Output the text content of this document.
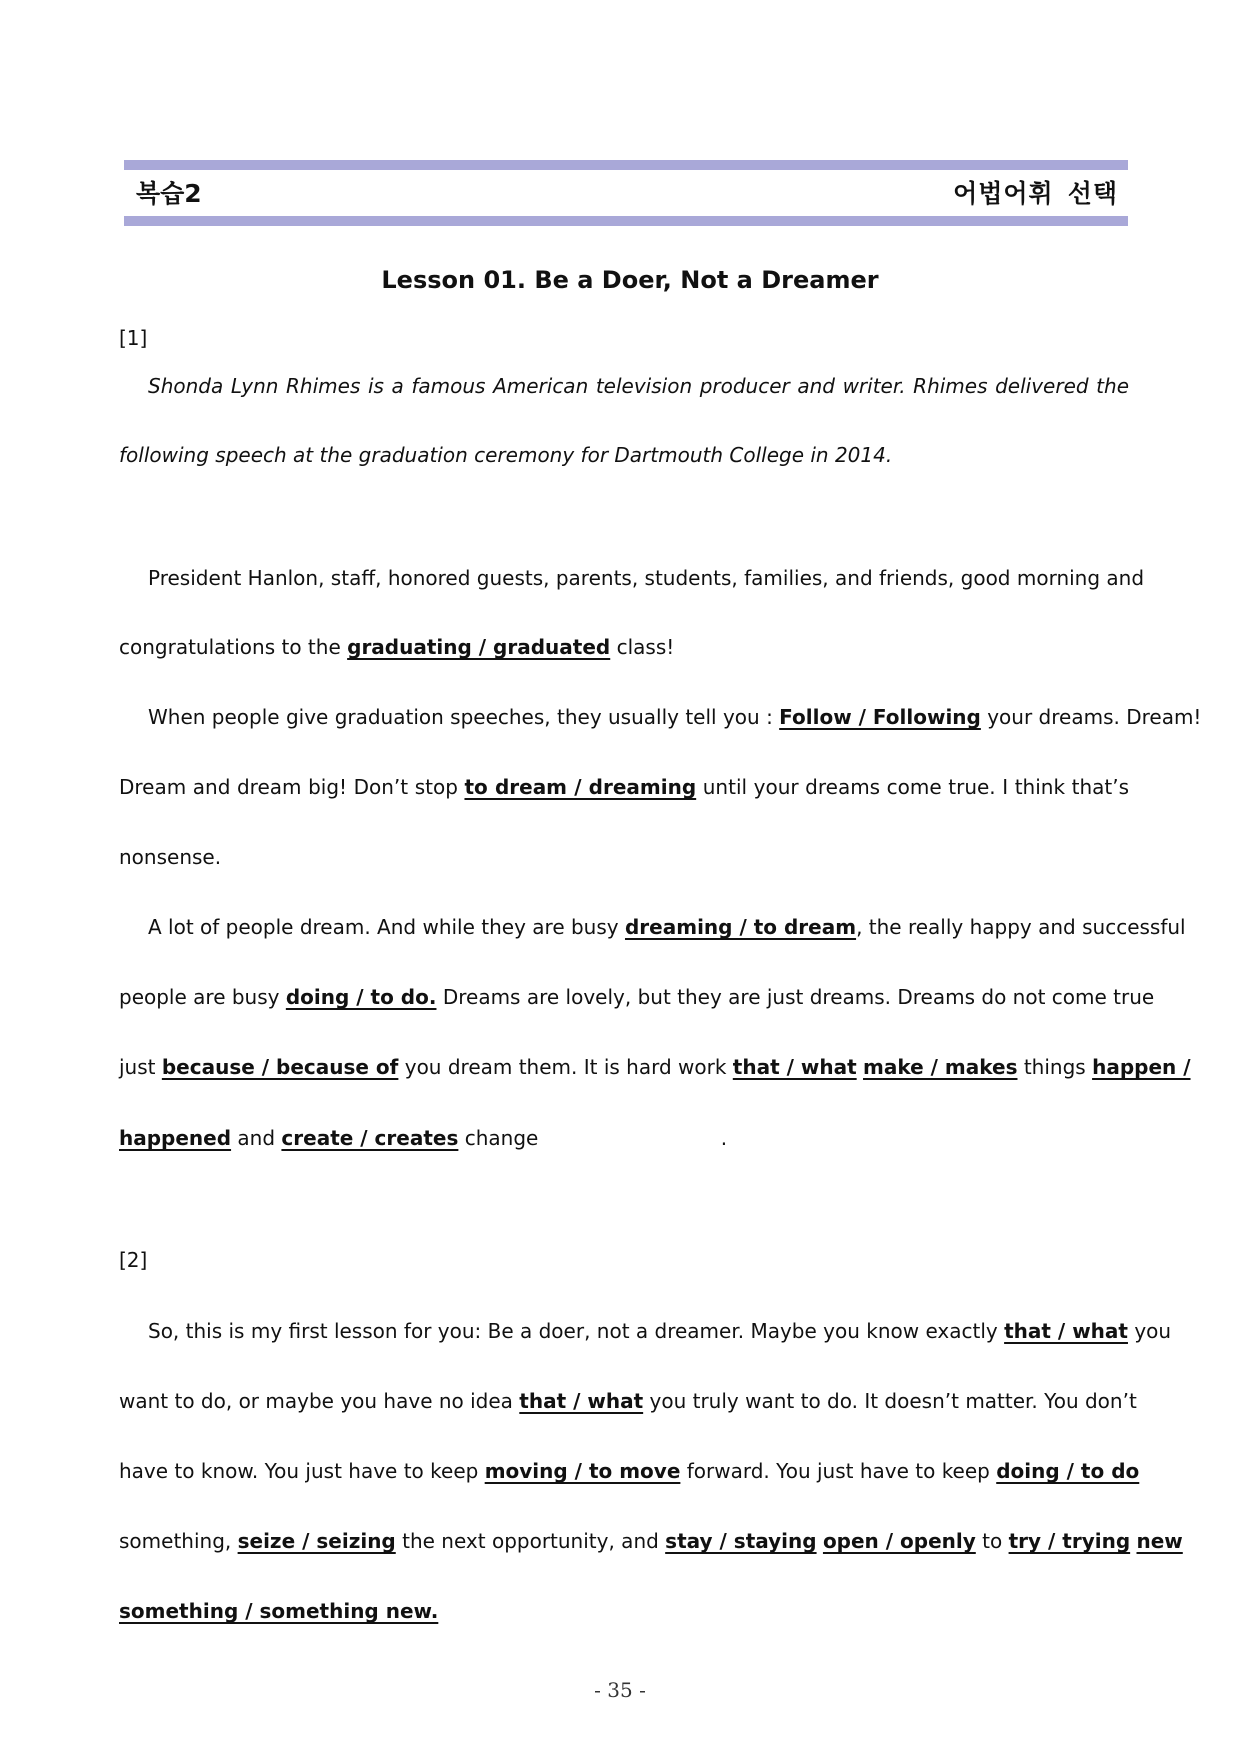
복습2	어법어휘 선택
Lesson 01. Be a Doer, Not a Dreamer
[1]
Shonda Lynn Rhimes is a famous American television producer and writer. Rhimes delivered the
following speech at the graduation ceremony for Dartmouth College in 2014.
President Hanlon, staff, honored guests, parents, students, families, and friends, good morning and
congratulations to the graduating / graduated class!
When people give graduation speeches, they usually tell you : Follow / Following your dreams. Dream!
Dream and dream big! Don’t stop to dream / dreaming until your dreams come true. I think that’s
nonsense.
A lot of people dream. And while they are busy dreaming / to dream, the really happy and successful
people are busy doing / to do. Dreams are lovely, but they are just dreams. Dreams do not come true
just because / because of you dream them. It is hard work that / what make / makes things happen /
happened and create / creates change	.
[2]
So, this is my first lesson for you: Be a doer, not a dreamer. Maybe you know exactly that / what you
want to do, or maybe you have no idea that / what you truly want to do. It doesn’t matter. You don’t
have to know. You just have to keep moving / to move forward. You just have to keep doing / to do
something, seize / seizing the next opportunity, and stay / staying open / openly to try / trying new
something / something new.
- 35 -
